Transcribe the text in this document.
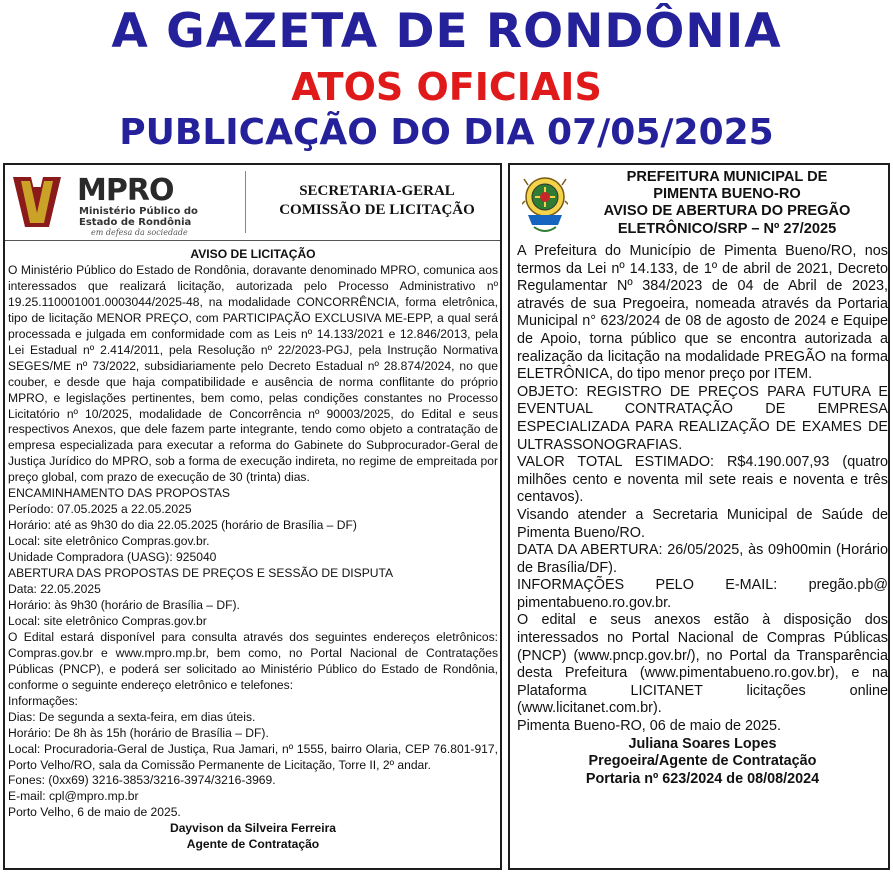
A GAZETA DE RONDÔNIA
ATOS OFICIAIS
PUBLICAÇÃO DO DIA 07/05/2025
MPRO
Ministério Público do
Estado de Rondônia
em defesa da sociedade
SECRETARIA-GERAL
COMISSÃO DE LICITAÇÃO

AVISO DE LICITAÇÃO

O Ministério Público do Estado de Rondônia, doravante denominado MPRO, comunica aos interessados que realizará licitação, autorizada pelo Processo Administrativo nº 19.25.110001001.0003044/2025-48, na modalidade CONCORRÊNCIA, forma eletrônica, tipo de licitação MENOR PREÇO, com PARTICIPAÇÃO EXCLUSIVA ME-EPP, a qual será processada e julgada em conformidade com as Leis nº 14.133/2021 e 12.846/2013, pela Lei Estadual nº 2.414/2011, pela Resolução nº 22/2023-PGJ, pela Instrução Normativa SEGES/ME nº 73/2022, subsidiariamente pelo Decreto Estadual nº 28.874/2024, no que couber, e desde que haja compatibilidade e ausência de norma conflitante do próprio MPRO, e legislações pertinentes, bem como, pelas condições constantes no Processo Licitatório nº 10/2025, modalidade de Concorrência nº 90003/2025, do Edital e seus respectivos Anexos, que dele fazem parte integrante, tendo como objeto a contratação de empresa especializada para executar a reforma do Gabinete do Subprocurador-Geral de Justiça Jurídico do MPRO, sob a forma de execução indireta, no regime de empreitada por preço global, com prazo de execução de 30 (trinta) dias.

ENCAMINHAMENTO DAS PROPOSTAS

Período: 07.05.2025 a 22.05.2025

Horário: até as 9h30 do dia 22.05.2025 (horário de Brasília – DF)

Local: site eletrônico Compras.gov.br.

Unidade Compradora (UASG): 925040

ABERTURA DAS PROPOSTAS DE PREÇOS E SESSÃO DE DISPUTA

Data: 22.05.2025

Horário: às 9h30 (horário de Brasília – DF).

Local: site eletrônico Compras.gov.br

O Edital estará disponível para consulta através dos seguintes endereços eletrônicos: Compras.gov.br e www.mpro.mp.br, bem como, no Portal Nacional de Contratações Públicas (PNCP), e poderá ser solicitado ao Ministério Público do Estado de Rondônia, conforme o seguinte endereço eletrônico e telefones:

Informações:

Dias: De segunda a sexta-feira, em dias úteis.

Horário: De 8h às 15h (horário de Brasília – DF).

Local: Procuradoria-Geral de Justiça, Rua Jamari, nº 1555, bairro Olaria, CEP 76.801-917, Porto Velho/RO, sala da Comissão Permanente de Licitação, Torre II, 2º andar.

Fones: (0xx69) 3216-3853/3216-3974/3216-3969.

E-mail: cpl@mpro.mp.br

Porto Velho, 6 de maio de 2025.

Dayvison da Silveira Ferreira

Agente de Contratação

PREFEITURA MUNICIPAL DE
PIMENTA BUENO-RO
AVISO DE ABERTURA DO PREGÃO
ELETRÔNICO/SRP – Nº 27/2025

A Prefeitura do Município de Pimenta Bueno/RO, nos termos da Lei nº 14.133, de 1º de abril de 2021, Decreto Regulamentar Nº 384/2023 de 04 de Abril de 2023, através de sua Pregoeira, nomeada através da Portaria Municipal n° 623/2024 de 08 de agosto de 2024 e Equipe de Apoio, torna público que se encontra autorizada a realização da licitação na modalidade PREGÃO na forma ELETRÔNICA, do tipo menor preço por ITEM.

OBJETO: REGISTRO DE PREÇOS PARA FUTURA E EVENTUAL CONTRATAÇÃO DE EMPRESA ESPECIALIZADA PARA REALIZAÇÃO DE EXAMES DE ULTRASSONOGRAFIAS.

VALOR TOTAL ESTIMADO: R$4.190.007,93 (quatro milhões cento e noventa mil sete reais e noventa e três centavos).

Visando atender a Secretaria Municipal de Saúde de Pimenta Bueno/RO.

DATA DA ABERTURA: 26/05/2025, às 09h00min (Horário de Brasília/DF).

INFORMAÇÕES PELO E-MAIL: pregão.pb@ pimentabueno.ro.gov.br.

O edital e seus anexos estão à disposição dos interessados no Portal Nacional de Compras Públicas (PNCP) (www.pncp.gov.br/), no Portal da Transparência desta Prefeitura (www.pimentabueno.ro.gov.br), e na Plataforma LICITANET licitações online (www.licitanet.com.br).

Pimenta Bueno-RO, 06 de maio de 2025.

Juliana Soares Lopes

Pregoeira/Agente de Contratação

Portaria nº 623/2024 de 08/08/2024
